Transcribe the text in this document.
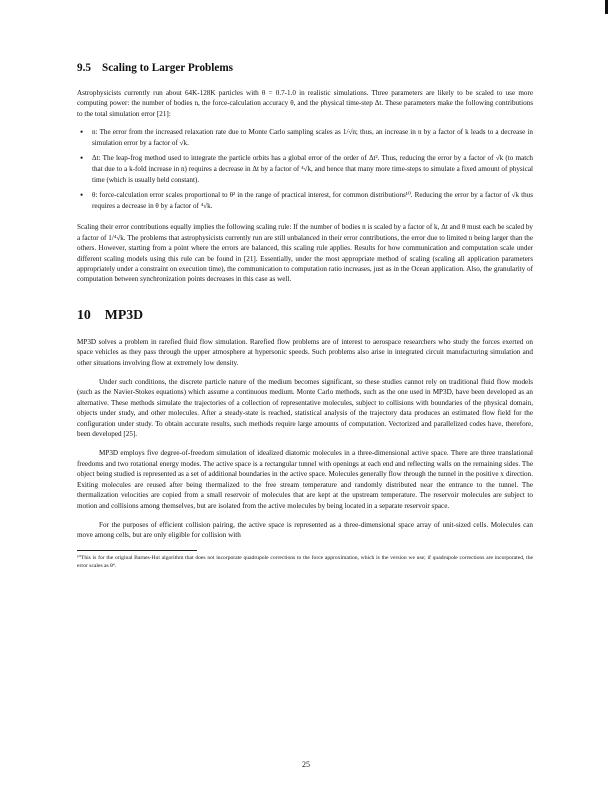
9.5 Scaling to Larger Problems

Astrophysicists currently run about 64K-128K particles with θ = 0.7-1.0 in realistic simulations. Three parameters are likely to be scaled to use more computing power: the number of bodies n, the force-calculation accuracy θ, and the physical time-step Δt. These parameters make the following contributions to the total simulation error [21]:

• n: The error from the increased relaxation rate due to Monte Carlo sampling scales as 1/√n; thus, an increase in n by a factor of k leads to a decrease in simulation error by a factor of √k.
• Δt: The leap-frog method used to integrate the particle orbits has a global error of the order of Δt². Thus, reducing the error by a factor of √k (to match that due to a k-fold increase in n) requires a decrease in Δt by a factor of ⁴√k, and hence that many more time-steps to simulate a fixed amount of physical time (which is usually held constant).
• θ: force-calculation error scales proportional to θ² in the range of practical interest, for common distributions¹⁰. Reducing the error by a factor of √k thus requires a decrease in θ by a factor of ⁴√k.

Scaling their error contributions equally implies the following scaling rule: If the number of bodies n is scaled by a factor of k, Δt and θ must each be scaled by a factor of 1/⁴√k. The problems that astrophysicists currently run are still unbalanced in their error contributions, the error due to limited n being larger than the others. However, starting from a point where the errors are balanced, this scaling rule applies. Results for how communication and computation scale under different scaling models using this rule can be found in [21]. Essentially, under the most appropriate method of scaling (scaling all application parameters appropriately under a constraint on execution time), the communication to computation ratio increases, just as in the Ocean application. Also, the granularity of computation between synchronization points decreases in this case as well.

10 MP3D

MP3D solves a problem in rarefied fluid flow simulation. Rarefied flow problems are of interest to aerospace researchers who study the forces exerted on space vehicles as they pass through the upper atmosphere at hypersonic speeds. Such problems also arise in integrated circuit manufacturing simulation and other situations involving flow at extremely low density.

Under such conditions, the discrete particle nature of the medium becomes significant, so these studies cannot rely on traditional fluid flow models (such as the Navier-Stokes equations) which assume a continuous medium. Monte Carlo methods, such as the one used in MP3D, have been developed as an alternative. These methods simulate the trajectories of a collection of representative molecules, subject to collisions with boundaries of the physical domain, objects under study, and other molecules. After a steady-state is reached, statistical analysis of the trajectory data produces an estimated flow field for the configuration under study. To obtain accurate results, such methods require large amounts of computation. Vectorized and parallelized codes have, therefore, been developed [25].

MP3D employs five degree-of-freedom simulation of idealized diatomic molecules in a three-dimensional active space. There are three translational freedoms and two rotational energy modes. The active space is a rectangular tunnel with openings at each end and reflecting walls on the remaining sides. The object being studied is represented as a set of additional boundaries in the active space. Molecules generally flow through the tunnel in the positive x direction. Exiting molecules are reused after being thermalized to the free stream temperature and randomly distributed near the entrance to the tunnel. The thermalization velocities are copied from a small reservoir of molecules that are kept at the upstream temperature. The reservoir molecules are subject to motion and collisions among themselves, but are isolated from the active molecules by being located in a separate reservoir space.

For the purposes of efficient collision pairing, the active space is represented as a three-dimensional space array of unit-sized cells. Molecules can move among cells, but are only eligible for collision with

¹⁰This is for the original Barnes-Hut algorithm that does not incorporate quadrupole corrections to the force approximation, which is the version we use; if quadrupole corrections are incorporated, the error scales as θ⁴.

25
